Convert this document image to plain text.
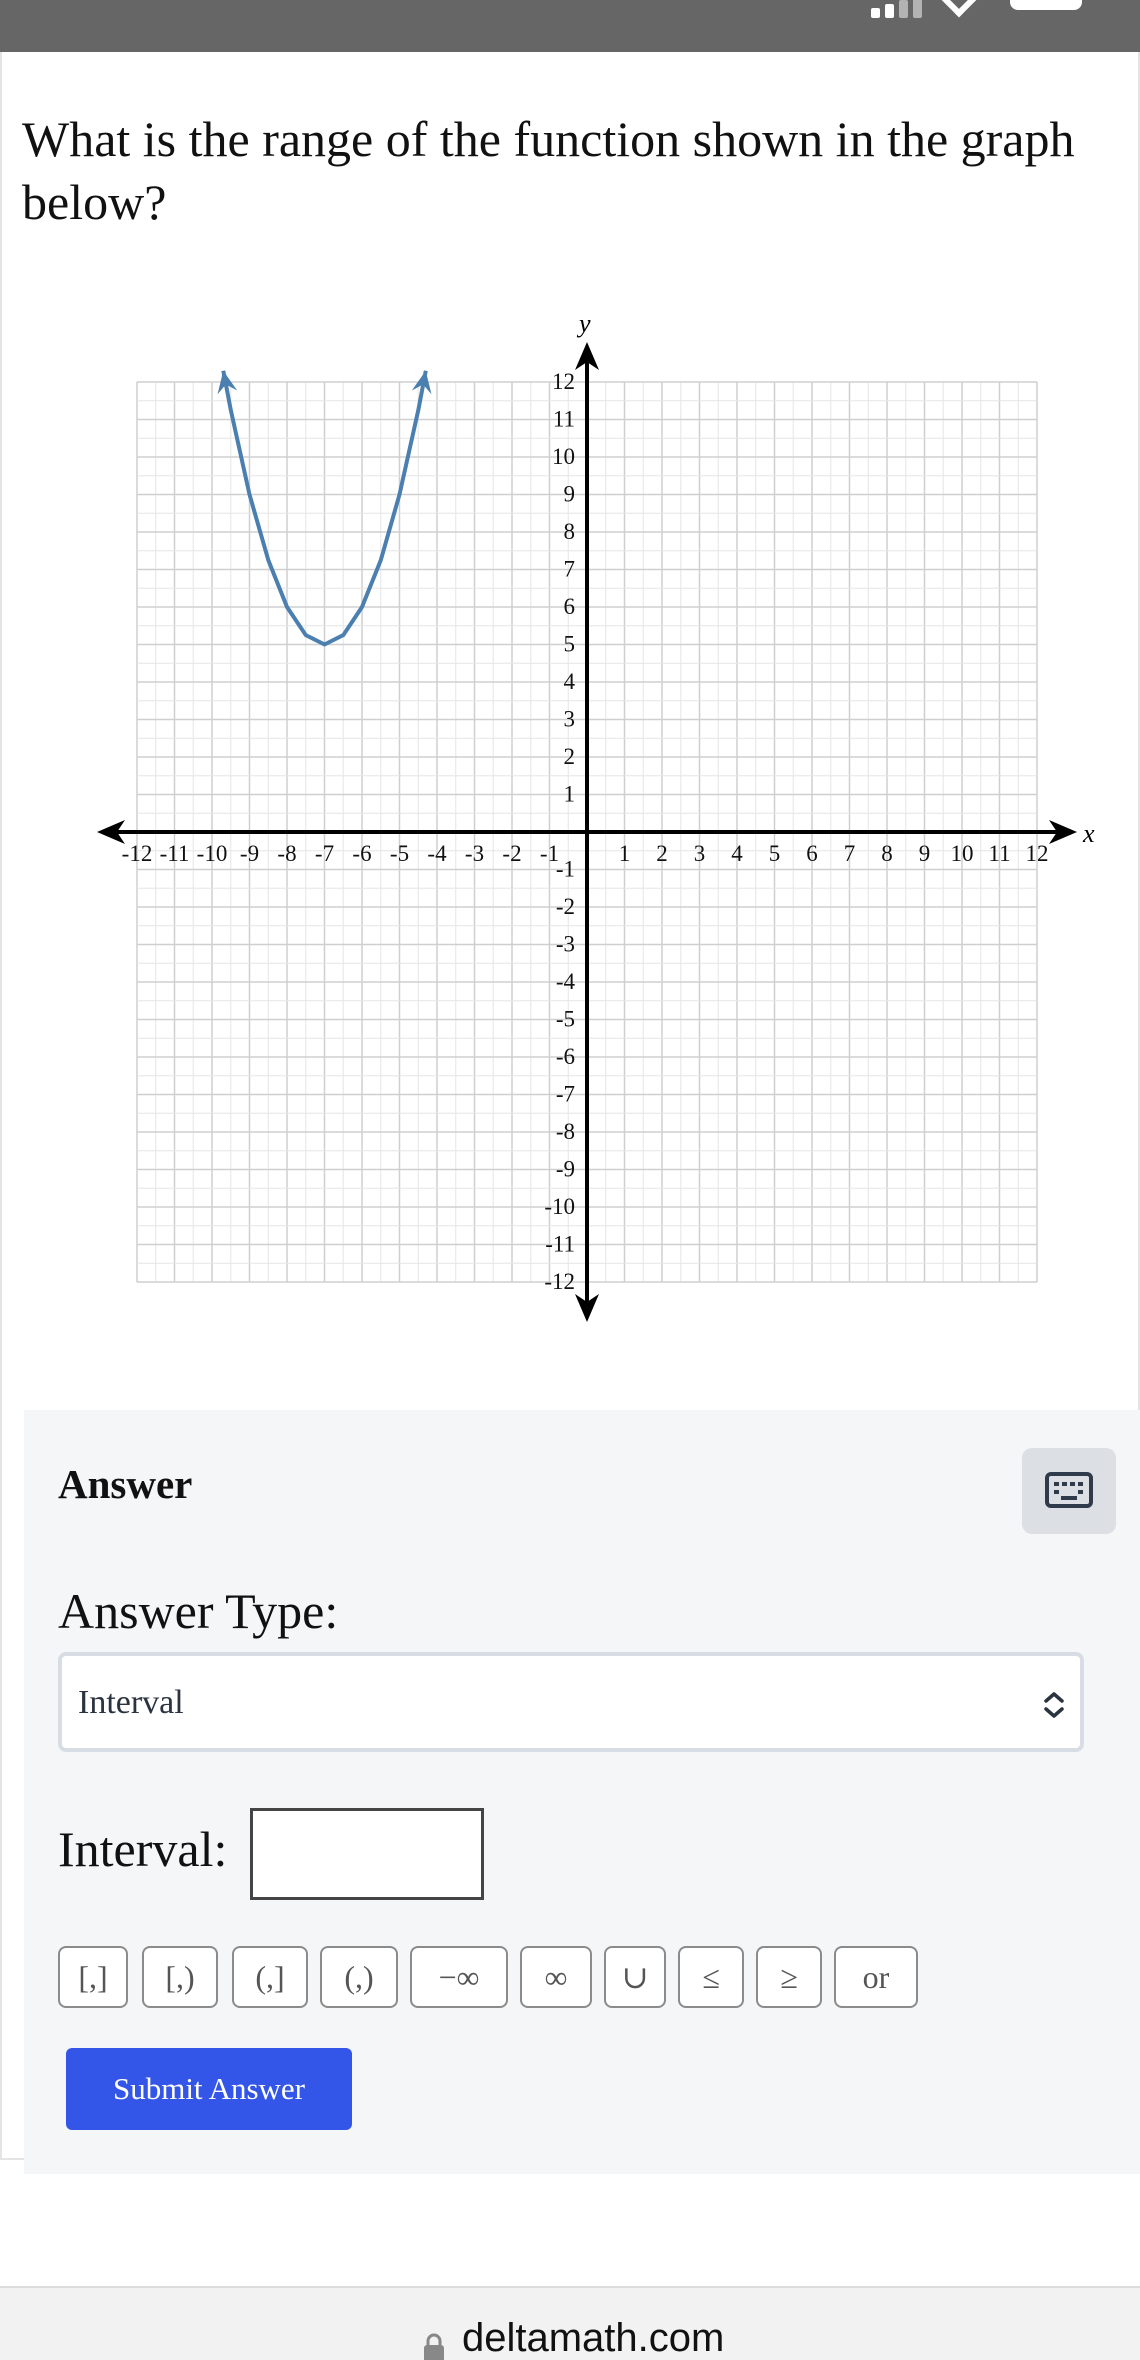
What is the range of the function shown in the graph below?
x
y
-12 -11 -10 -9 -8 -7 -6 -5 -4 -3 -2 -1	1 2 3 4 5 6 7 8 9 10 11 12
-12
-11
-10
-9
-8
-7
-6
-5
-4
-3
-2
-1
1
2
3
4
5
6
7
8
9
10
11
12
Answer
Answer Type:
Interval
Interval:
[,]	[,)	(,]	(,)	−∞	∞	∪	≤	≥	or
Submit Answer
deltamath.com
